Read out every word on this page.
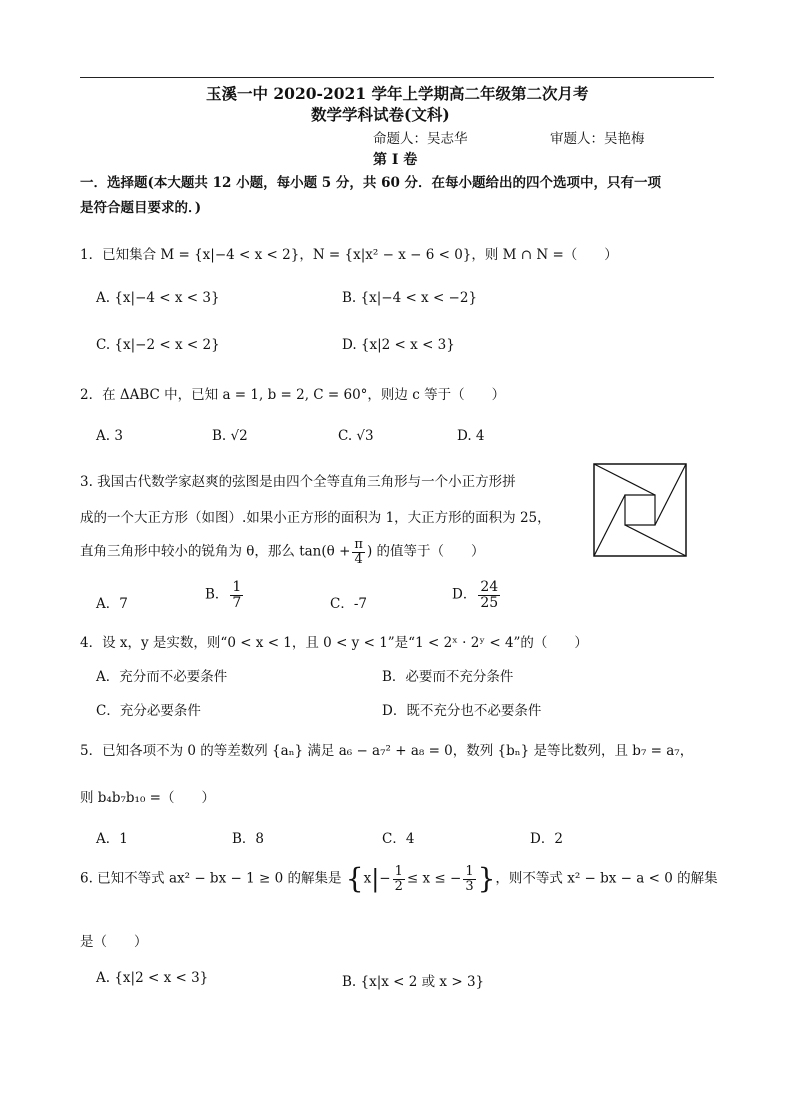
玉溪一中 2020-2021 学年上学期高二年级第二次月考
数学学科试卷(文科)
命题人：吴志华	审题人：吴艳梅
第 I 卷
一．选择题(本大题共 12 小题，每小题 5 分，共 60 分．在每小题给出的四个选项中，只有一项
是符合题目要求的．)
1．已知集合 M = {x|−4 < x < 2}，N = {x|x² − x − 6 < 0}，则 M ∩ N =（　　）
A. {x|−4 < x < 3}	B. {x|−4 < x < −2}
C. {x|−2 < x < 2}	D. {x|2 < x < 3}
2．在 ΔABC 中，已知 a = 1, b = 2, C = 60°，则边 c 等于（　　）
A. 3	B. √2	C. √3	D. 4
3. 我国古代数学家赵爽的弦图是由四个全等直角三角形与一个小正方形拼
成的一个大正方形（如图）.如果小正方形的面积为 1，大正方形的面积为 25，
直角三角形中较小的锐角为 θ，那么 $\tan(\theta + \frac{\pi}{4}$ ) 的值等于（　　）
A．7
B． $\frac{1}{7}$	C．-7
D． $\frac{24}{25}$
4．设 x，y 是实数，则“0 < x < 1，且 0 < y < 1”是“1 < 2ˣ · 2ʸ < 4”的（　　）
A．充分而不必要条件	B．必要而不充分条件
C．充分必要条件	D．既不充分也不必要条件
5．已知各项不为 0 的等差数列 {aₙ} 满足 a₆ − a₇² + a₈ = 0，数列 {bₙ} 是等比数列，且 b₇ = a₇，
则 b₄b₇b₁₀ =（　　）
A．1	B．8	C．4	D．2
6. 已知不等式 ax² − bx − 1 ≥ 0 的解集是 {$x|- \frac{1}{2} \le x$ ≤ − $\frac{1}{3}$ }，则不等式 x² − bx − a < 0 的解集
是（　　）
A. {x|2 < x < 3}	B. {x|x < 2 或 x > 3}
